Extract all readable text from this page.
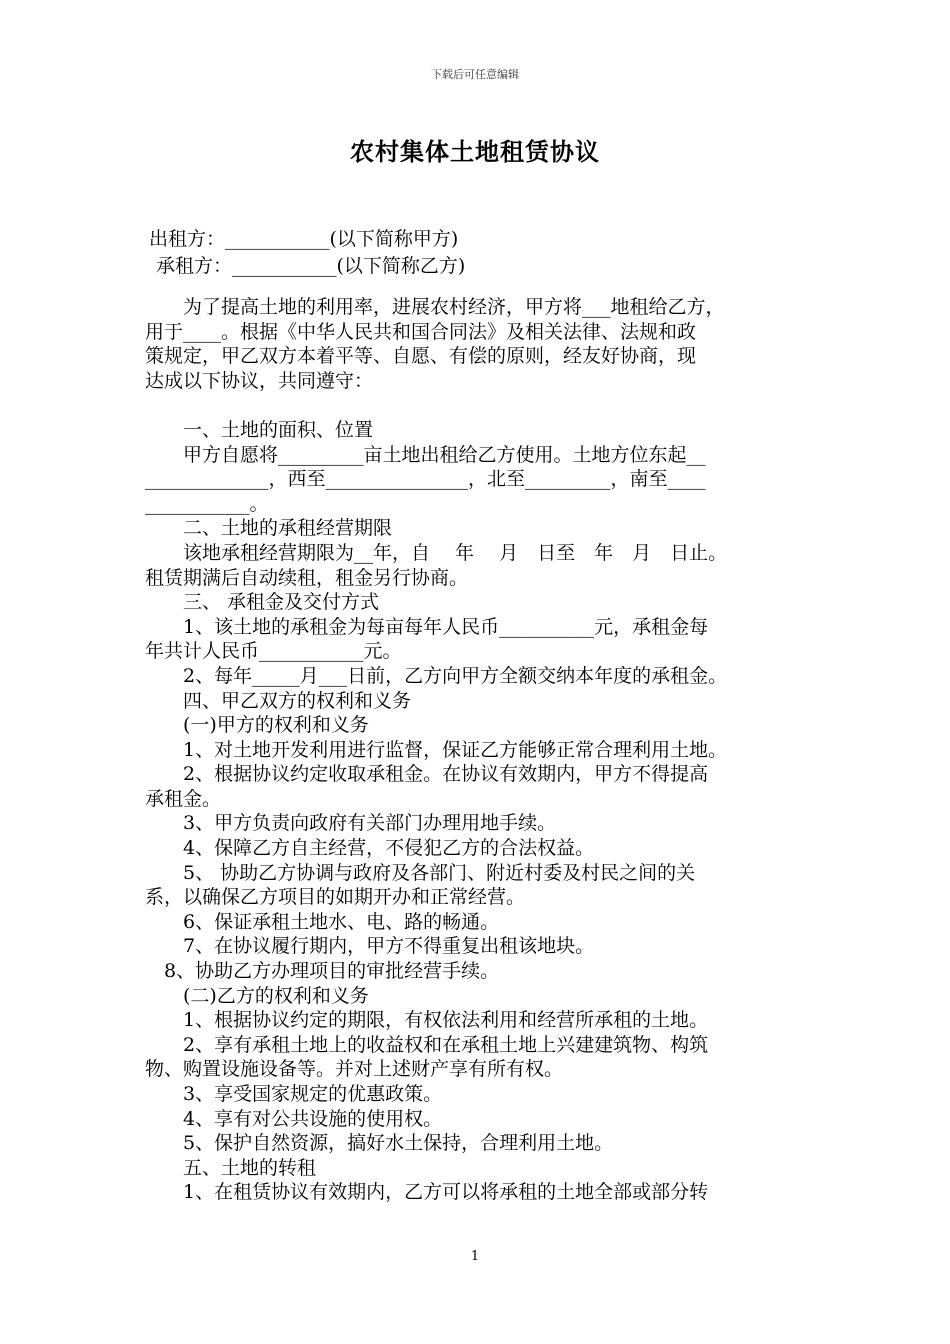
下载后可任意编辑
农村集体土地租赁协议
出租方：___________(以下简称甲方)
承租方：___________(以下简称乙方)
　　为了提高土地的利用率，进展农村经济，甲方将___地租给乙方，
用于____。根据《中华人民共和国合同法》及相关法律、法规和政
策规定，甲乙双方本着平等、自愿、有偿的原则，经友好协商，现
达成以下协议，共同遵守：
　　一、土地的面积、位置
　　甲方自愿将_________亩土地出租给乙方使用。土地方位东起__
_____________，西至_______________，北至_________，南至____
___________。
　　二、土地的承租经营期限
　　该地承租经营期限为__年，自　 年　 月　日至　年　月　日止。
租赁期满后自动续租，租金另行协商。
　　三、 承租金及交付方式
　　1、该土地的承租金为每亩每年人民币__________元，承租金每
年共计人民币___________元。
　　2、每年_____月___日前，乙方向甲方全额交纳本年度的承租金。
　　四、甲乙双方的权利和义务
　　(一)甲方的权利和义务
　　1、对土地开发利用进行监督，保证乙方能够正常合理利用土地。
　　2、根据协议约定收取承租金。在协议有效期内，甲方不得提高
承租金。
　　3、甲方负责向政府有关部门办理用地手续。
　　4、保障乙方自主经营，不侵犯乙方的合法权益。
　　5、 协助乙方协调与政府及各部门、附近村委及村民之间的关
系，以确保乙方项目的如期开办和正常经营。
　　6、保证承租土地水、电、路的畅通。
　　7、在协议履行期内，甲方不得重复出租该地块。
　8、协助乙方办理项目的审批经营手续。
　　(二)乙方的权利和义务
　　1、根据协议约定的期限，有权依法利用和经营所承租的土地。
　　2、享有承租土地上的收益权和在承租土地上兴建建筑物、构筑
物、购置设施设备等。并对上述财产享有所有权。
　　3、享受国家规定的优惠政策。
　　4、享有对公共设施的使用权。
　　5、保护自然资源，搞好水土保持，合理利用土地。
　　五、土地的转租
　　1、在租赁协议有效期内，乙方可以将承租的土地全部或部分转
1
